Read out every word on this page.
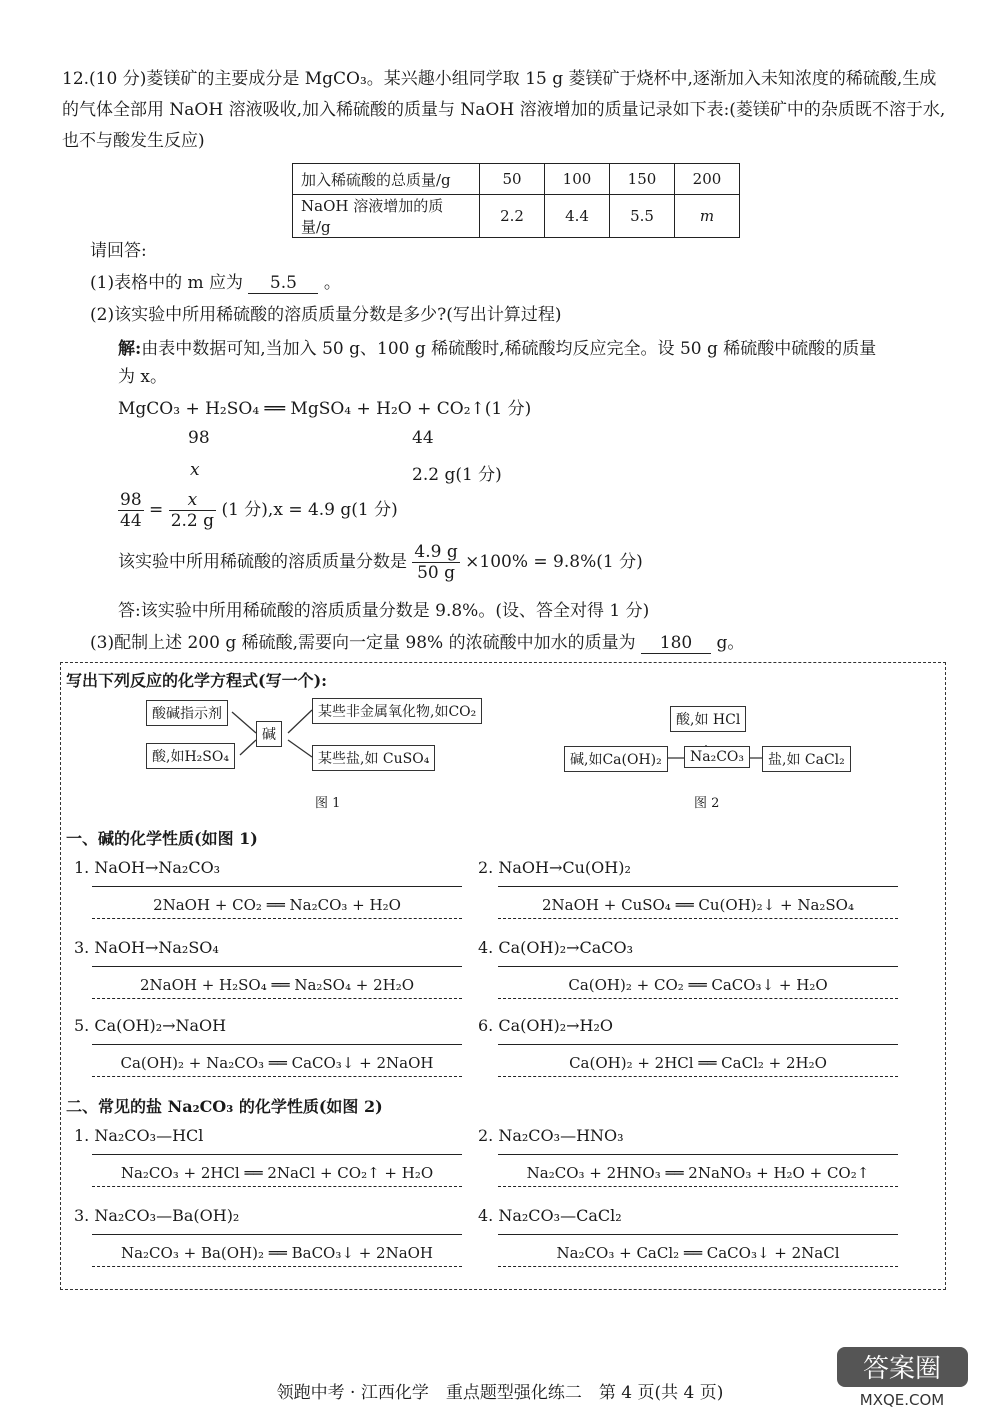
12.(10 分)菱镁矿的主要成分是 MgCO₃。某兴趣小组同学取 15 g 菱镁矿于烧杯中,逐渐加入未知浓度的稀硫酸,生成的气体全部用 NaOH 溶液吸收,加入稀硫酸的质量与 NaOH 溶液增加的质量记录如下表:(菱镁矿中的杂质既不溶于水,也不与酸发生反应)
加入稀硫酸的总质量/g	50	100	150	200
NaOH 溶液增加的质量/g	2.2	4.4	5.5	m
请回答:
(1)表格中的 m 应为 5.5 。
(2)该实验中所用稀硫酸的溶质质量分数是多少?(写出计算过程)
解:由表中数据可知,当加入 50 g、100 g 稀硫酸时,稀硫酸均反应完全。设 50 g 稀硫酸中硫酸的质量
为 x。
MgCO₃ + H₂SO₄ ══ MgSO₄ + H₂O + CO₂↑(1 分)
98	44
x	2.2 g(1 分)
$\frac{98}{44} = \frac{x}{2.2 g} (1$ 分),x = 4.9 g(1 分)
该实验中所用稀硫酸的溶质质量分数是 $\frac{4.9 g}{50 g} \times 100\% = 9.8\%(1$ 分)
答:该实验中所用稀硫酸的溶质质量分数是 9.8%。(设、答全对得 1 分)
(3)配制上述 200 g 稀硫酸,需要向一定量 98% 的浓硫酸中加水的质量为 180 g。
写出下列反应的化学方程式(写一个):
酸碱指示剂
酸,如H₂SO₄
碱
某些非金属氧化物,如CO₂
某些盐,如 CuSO₄
图 1
酸,如 HCl
碱,如Ca(OH)₂	Na₂CO₃	盐,如 CaCl₂
图 2
一、碱的化学性质(如图 1)
1. NaOH→Na₂CO₃
2NaOH + CO₂ ══ Na₂CO₃ + H₂O
2. NaOH→Cu(OH)₂
2NaOH + CuSO₄ ══ Cu(OH)₂↓ + Na₂SO₄
3. NaOH→Na₂SO₄
2NaOH + H₂SO₄ ══ Na₂SO₄ + 2H₂O
4. Ca(OH)₂→CaCO₃
Ca(OH)₂ + CO₂ ══ CaCO₃↓ + H₂O
5. Ca(OH)₂→NaOH
Ca(OH)₂ + Na₂CO₃ ══ CaCO₃↓ + 2NaOH
6. Ca(OH)₂→H₂O
Ca(OH)₂ + 2HCl ══ CaCl₂ + 2H₂O
二、常见的盐 Na₂CO₃ 的化学性质(如图 2)
1. Na₂CO₃—HCl
Na₂CO₃ + 2HCl ══ 2NaCl + CO₂↑ + H₂O
2. Na₂CO₃—HNO₃
Na₂CO₃ + 2HNO₃ ══ 2NaNO₃ + H₂O + CO₂↑
3. Na₂CO₃—Ba(OH)₂
Na₂CO₃ + Ba(OH)₂ ══ BaCO₃↓ + 2NaOH
4. Na₂CO₃—CaCl₂
Na₂CO₃ + CaCl₂ ══ CaCO₃↓ + 2NaCl
领跑中考 · 江西化学　重点题型强化练二　第 4 页(共 4 页)
答案圈
MXQE.COM
